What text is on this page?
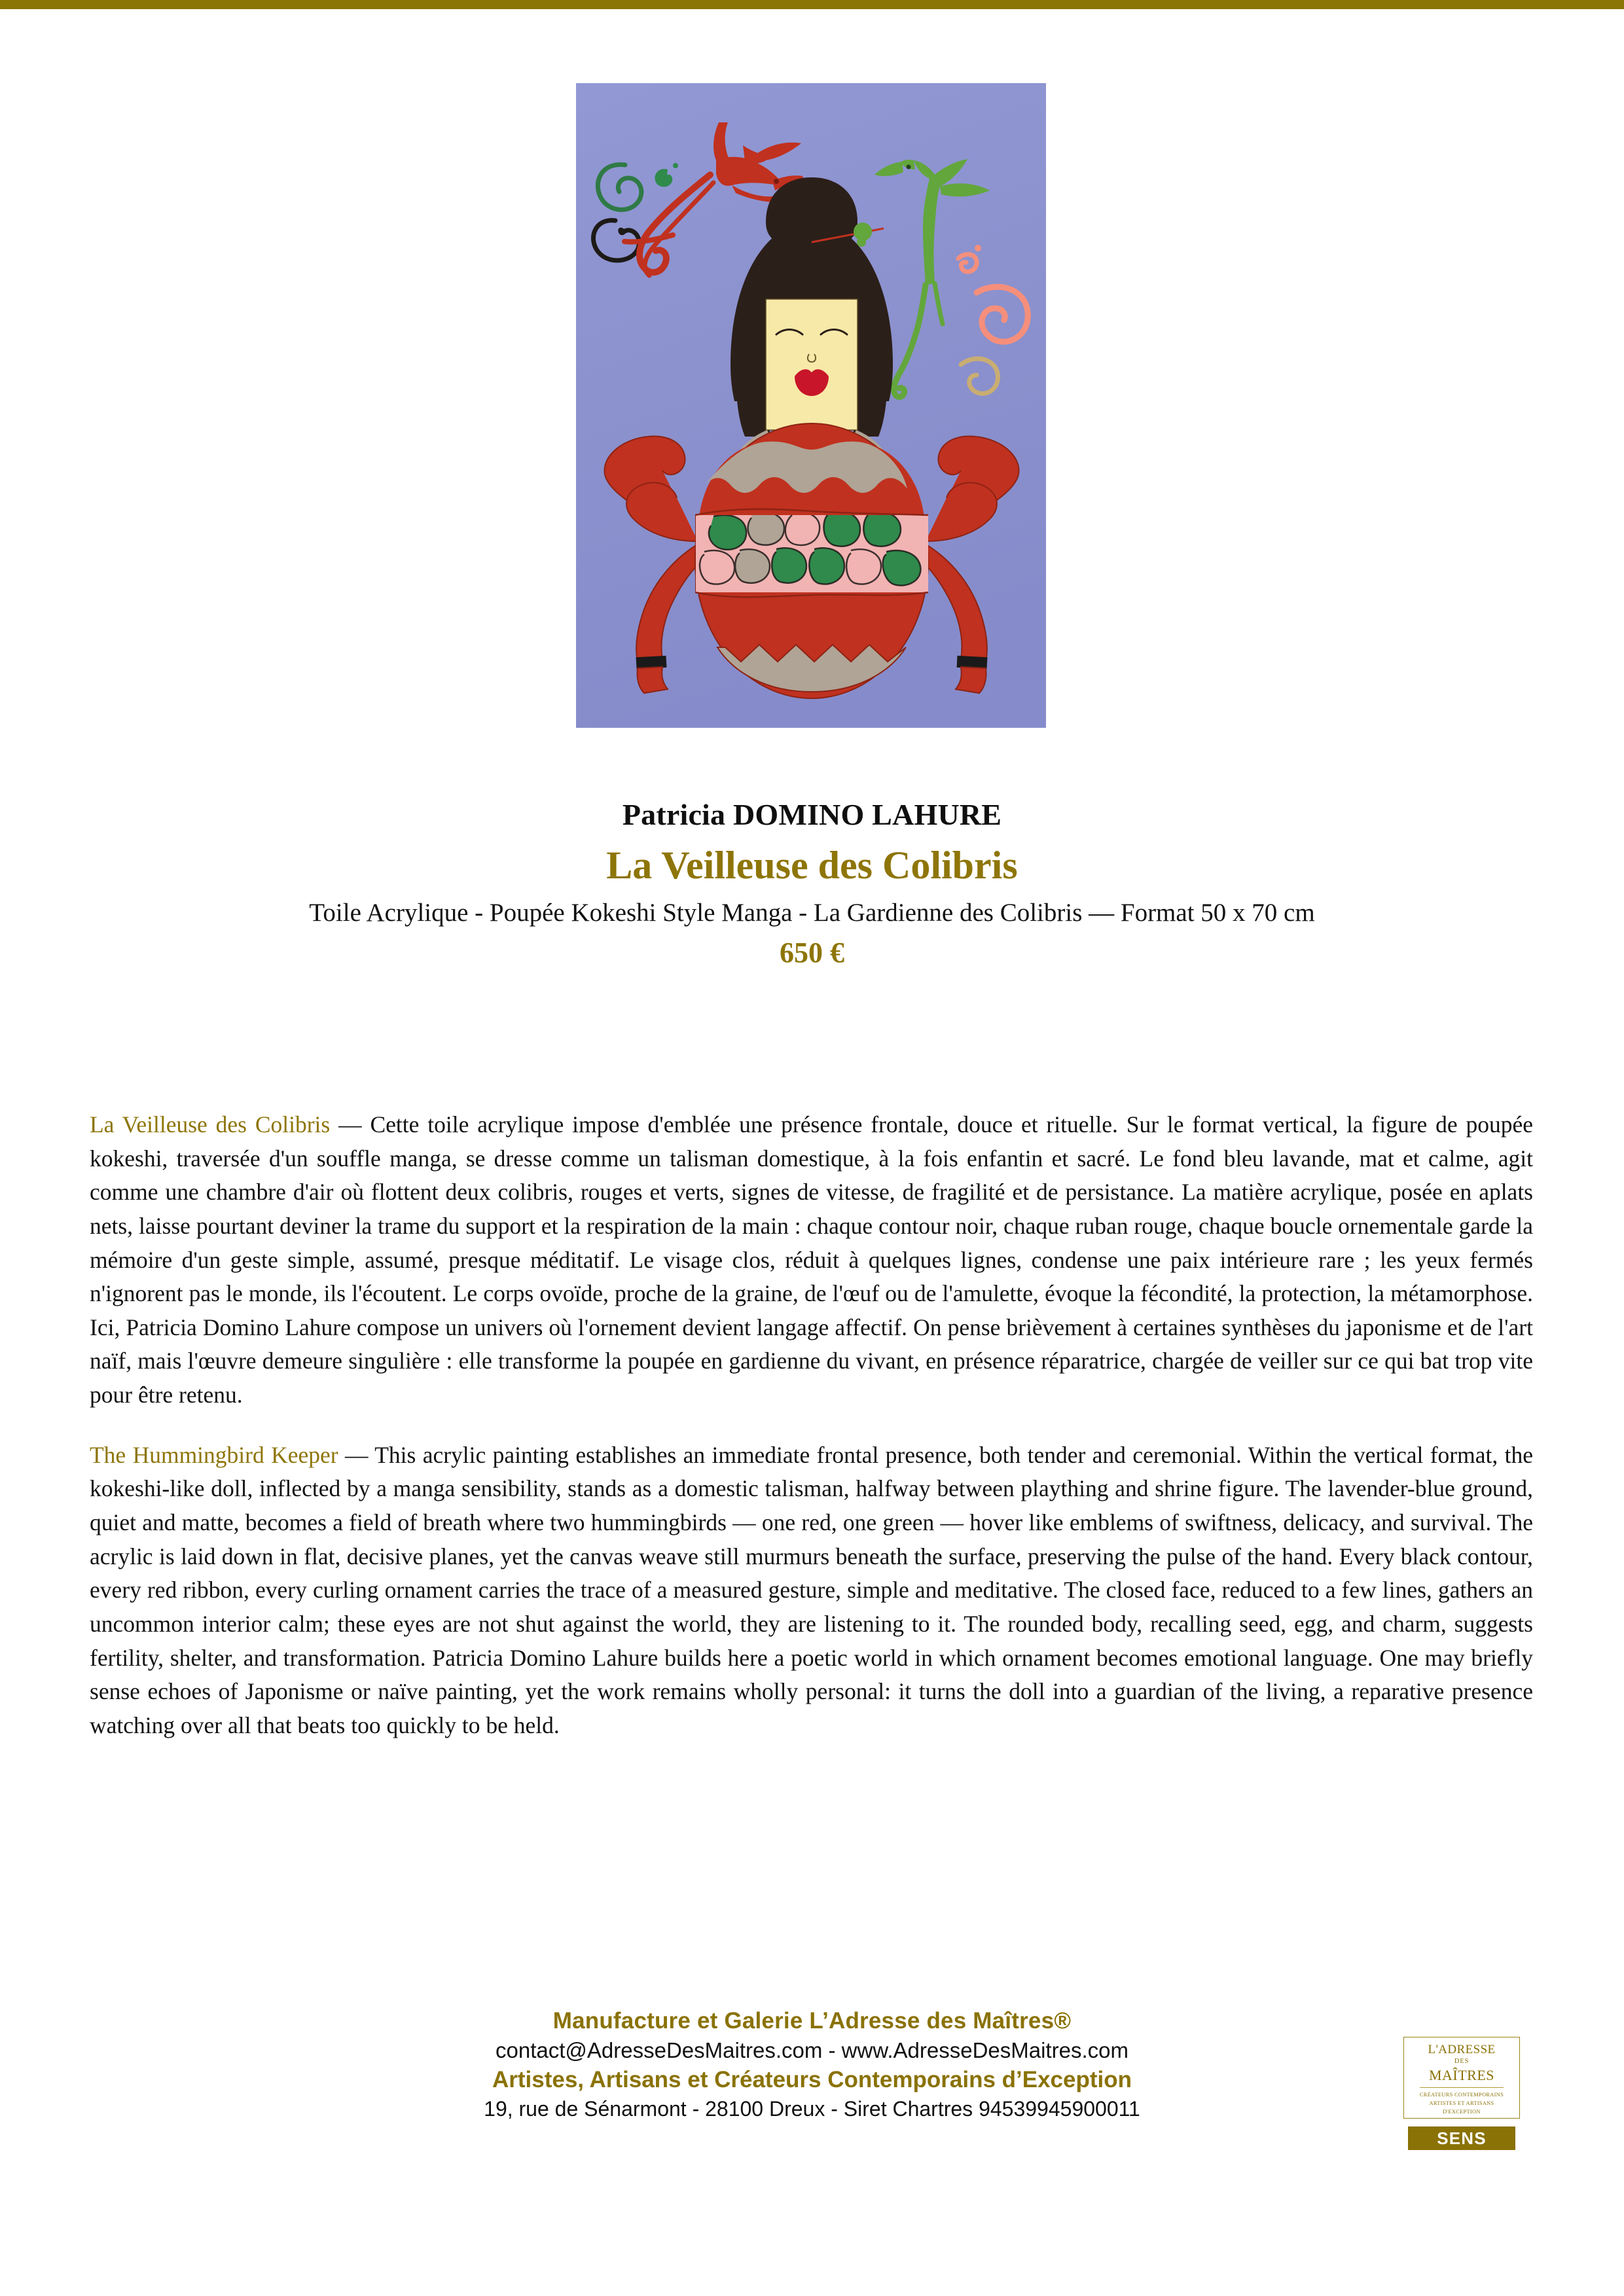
Patricia DOMINO LAHURE
La Veilleuse des Colibris
Toile Acrylique - Poupée Kokeshi Style Manga - La Gardienne des Colibris — Format 50 x 70 cm
650 €

La Veilleuse des Colibris — Cette toile acrylique impose d'emblée une présence frontale, douce et rituelle. Sur le format vertical, la figure de poupée kokeshi, traversée d'un souffle manga, se dresse comme un talisman domestique, à la fois enfantin et sacré. Le fond bleu lavande, mat et calme, agit comme une chambre d'air où flottent deux colibris, rouges et verts, signes de vitesse, de fragilité et de persistance. La matière acrylique, posée en aplats nets, laisse pourtant deviner la trame du support et la respiration de la main : chaque contour noir, chaque ruban rouge, chaque boucle ornementale garde la mémoire d'un geste simple, assumé, presque méditatif. Le visage clos, réduit à quelques lignes, condense une paix intérieure rare ; les yeux fermés n'ignorent pas le monde, ils l'écoutent. Le corps ovoïde, proche de la graine, de l'œuf ou de l'amulette, évoque la fécondité, la protection, la métamorphose. Ici, Patricia Domino Lahure compose un univers où l'ornement devient langage affectif. On pense brièvement à certaines synthèses du japonisme et de l'art naïf, mais l'œuvre demeure singulière : elle transforme la poupée en gardienne du vivant, en présence réparatrice, chargée de veiller sur ce qui bat trop vite pour être retenu.

The Hummingbird Keeper — This acrylic painting establishes an immediate frontal presence, both tender and ceremonial. Within the vertical format, the kokeshi-like doll, inflected by a manga sensibility, stands as a domestic talisman, halfway between plaything and shrine figure. The lavender-blue ground, quiet and matte, becomes a field of breath where two hummingbirds — one red, one green — hover like emblems of swiftness, delicacy, and survival. The acrylic is laid down in flat, decisive planes, yet the canvas weave still murmurs beneath the surface, preserving the pulse of the hand. Every black contour, every red ribbon, every curling ornament carries the trace of a measured gesture, simple and meditative. The closed face, reduced to a few lines, gathers an uncommon interior calm; these eyes are not shut against the world, they are listening to it. The rounded body, recalling seed, egg, and charm, suggests fertility, shelter, and transformation. Patricia Domino Lahure builds here a poetic world in which ornament becomes emotional language. One may briefly sense echoes of Japonisme or naïve painting, yet the work remains wholly personal: it turns the doll into a guardian of the living, a reparative presence watching over all that beats too quickly to be held.

Manufacture et Galerie L’Adresse des Maîtres®
contact@AdresseDesMaitres.com - www.AdresseDesMaitres.com
Artistes, Artisans et Créateurs Contemporains d’Exception
19, rue de Sénarmont - 28100 Dreux - Siret Chartres 94539945900011
L'ADRESSE
DES
MAÎTRES
CRÉATEURS CONTEMPORAINS
ARTISTES ET ARTISANS
D'EXCEPTION
SENS
